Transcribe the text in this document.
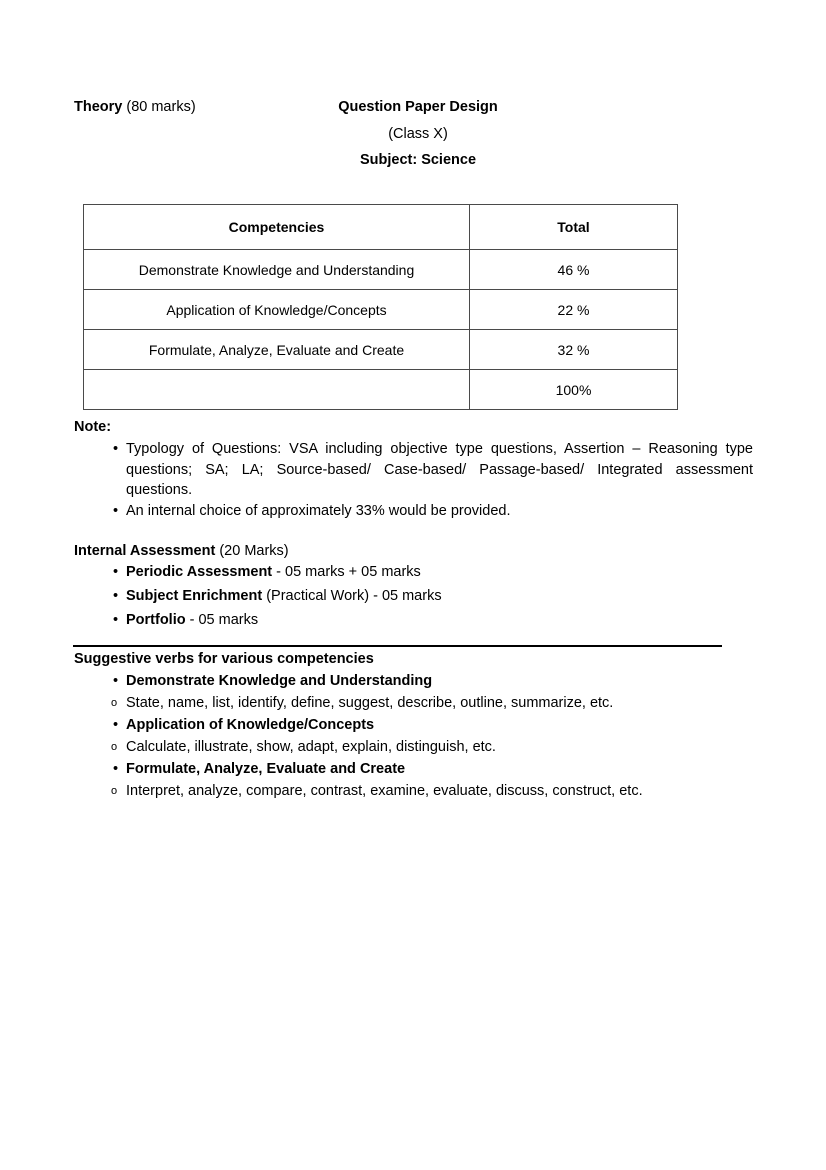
Theory (80 marks)	Question Paper Design
(Class X)
Subject: Science
Competencies	Total
Demonstrate Knowledge and Understanding	46 %
Application of Knowledge/Concepts	22 %
Formulate, Analyze, Evaluate and Create	32 %
	100%
Note:
• Typology of Questions: VSA including objective type questions, Assertion – Reasoning type questions; SA; LA; Source-based/ Case-based/ Passage-based/ Integrated assessment questions.
• An internal choice of approximately 33% would be provided.
Internal Assessment (20 Marks)
• Periodic Assessment - 05 marks + 05 marks
• Subject Enrichment (Practical Work) - 05 marks
• Portfolio - 05 marks
Suggestive verbs for various competencies
• Demonstrate Knowledge and Understanding
o State, name, list, identify, define, suggest, describe, outline, summarize, etc.
• Application of Knowledge/Concepts
o Calculate, illustrate, show, adapt, explain, distinguish, etc.
• Formulate, Analyze, Evaluate and Create
o Interpret, analyze, compare, contrast, examine, evaluate, discuss, construct, etc.
